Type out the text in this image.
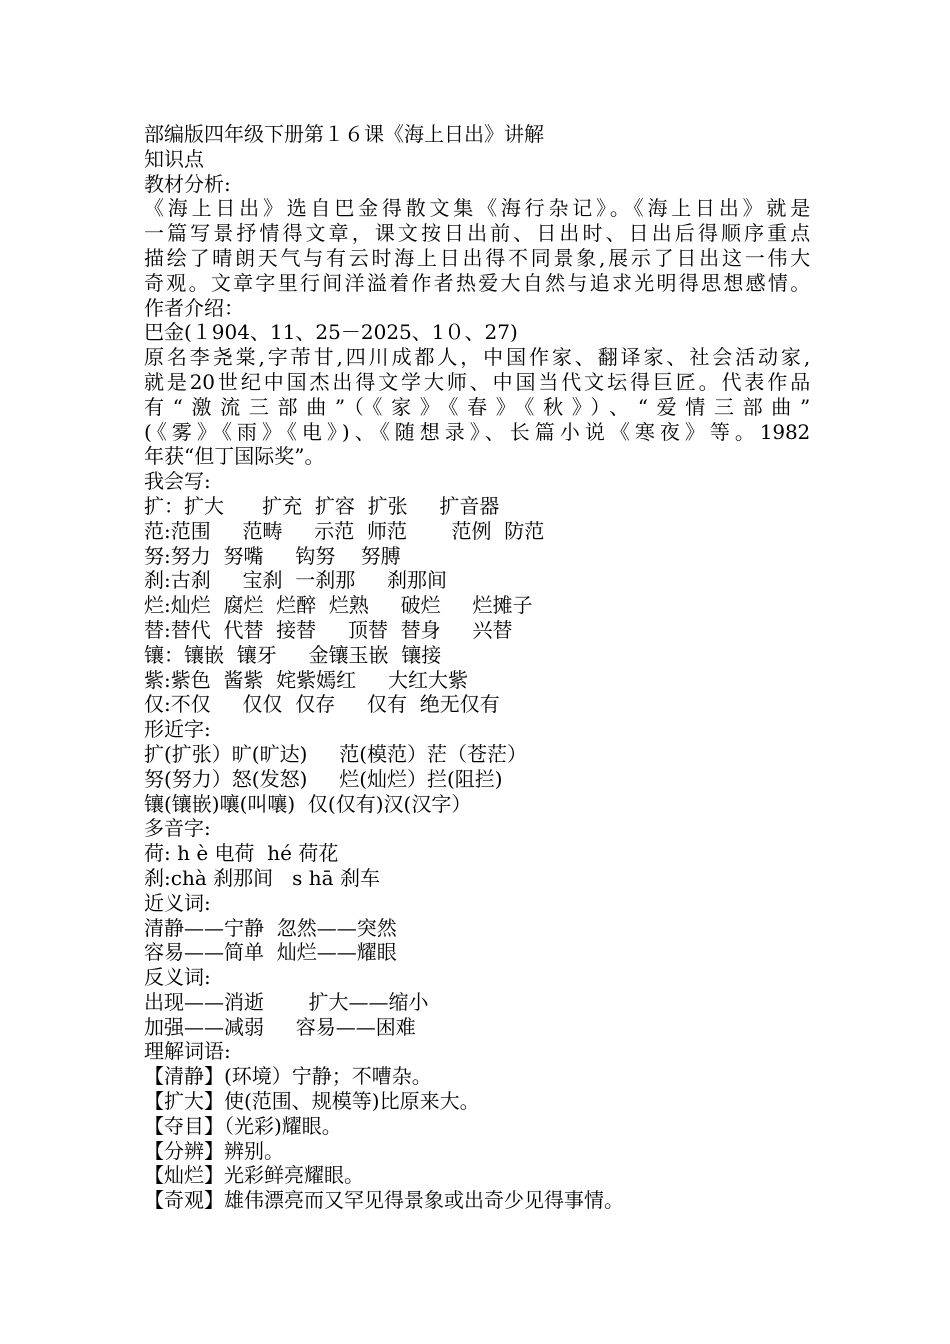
部编版四年级下册第１６课《海上日出》讲解
知识点
教材分析:
《海上日出》选自巴金得散文集《海行杂记》。《海上日出》就是
一篇写景抒情得文章，课文按日出前、日出时、日出后得顺序重点
描绘了晴朗天气与有云时海上日出得不同景象,展示了日出这一伟大
奇观。文章字里行间洋溢着作者热爱大自然与追求光明得思想感情。
作者介绍：
巴金(１904、11、25－2025、1０、27)
原名李尧棠,字芾甘,四川成都人，中国作家、翻译家、社会活动家,
就是20世纪中国杰出得文学大师、中国当代文坛得巨匠。代表作品
有“激流三部曲”（《家》《春》《秋》）、“爱情三部曲”
(《雾》《雨》《电》)、《随想录》、长篇小说《寒夜》等。1982
年获“但丁国际奖”。
我会写:
扩：扩大      扩充  扩容  扩张     扩音器
范:范围     范畴     示范  师范       范例  防范
努:努力  努嘴     钩努    努膊
刹:古刹     宝刹  一刹那     刹那间
烂:灿烂  腐烂  烂醉  烂熟     破烂     烂摊子
替:替代  代替  接替     顶替  替身     兴替
镶：镶嵌  镶牙     金镶玉嵌  镶接
紫:紫色  酱紫  姹紫嫣红     大红大紫
仅:不仅     仅仅  仅存     仅有  绝无仅有
形近字:
扩(扩张）旷(旷达)     范(模范）茫（苍茫）
努(努力）怒(发怒)     烂(灿烂）拦(阻拦)
镶(镶嵌)嚷(叫嚷)  仅(仅有)汉(汉字）
多音字:
荷: h è 电荷  hé 荷花
刹:chà 刹那间   s hā 刹车
近义词:
清静——宁静  忽然——突然
容易——简单  灿烂——耀眼
反义词:
出现——消逝       扩大——缩小
加强——减弱     容易——困难
理解词语:
【清静】(环境）宁静；不嘈杂。
【扩大】使(范围、规模等)比原来大。
【夺目】（光彩)耀眼。
【分辨】辨别。
【灿烂】光彩鲜亮耀眼。
【奇观】雄伟漂亮而又罕见得景象或出奇少见得事情。
